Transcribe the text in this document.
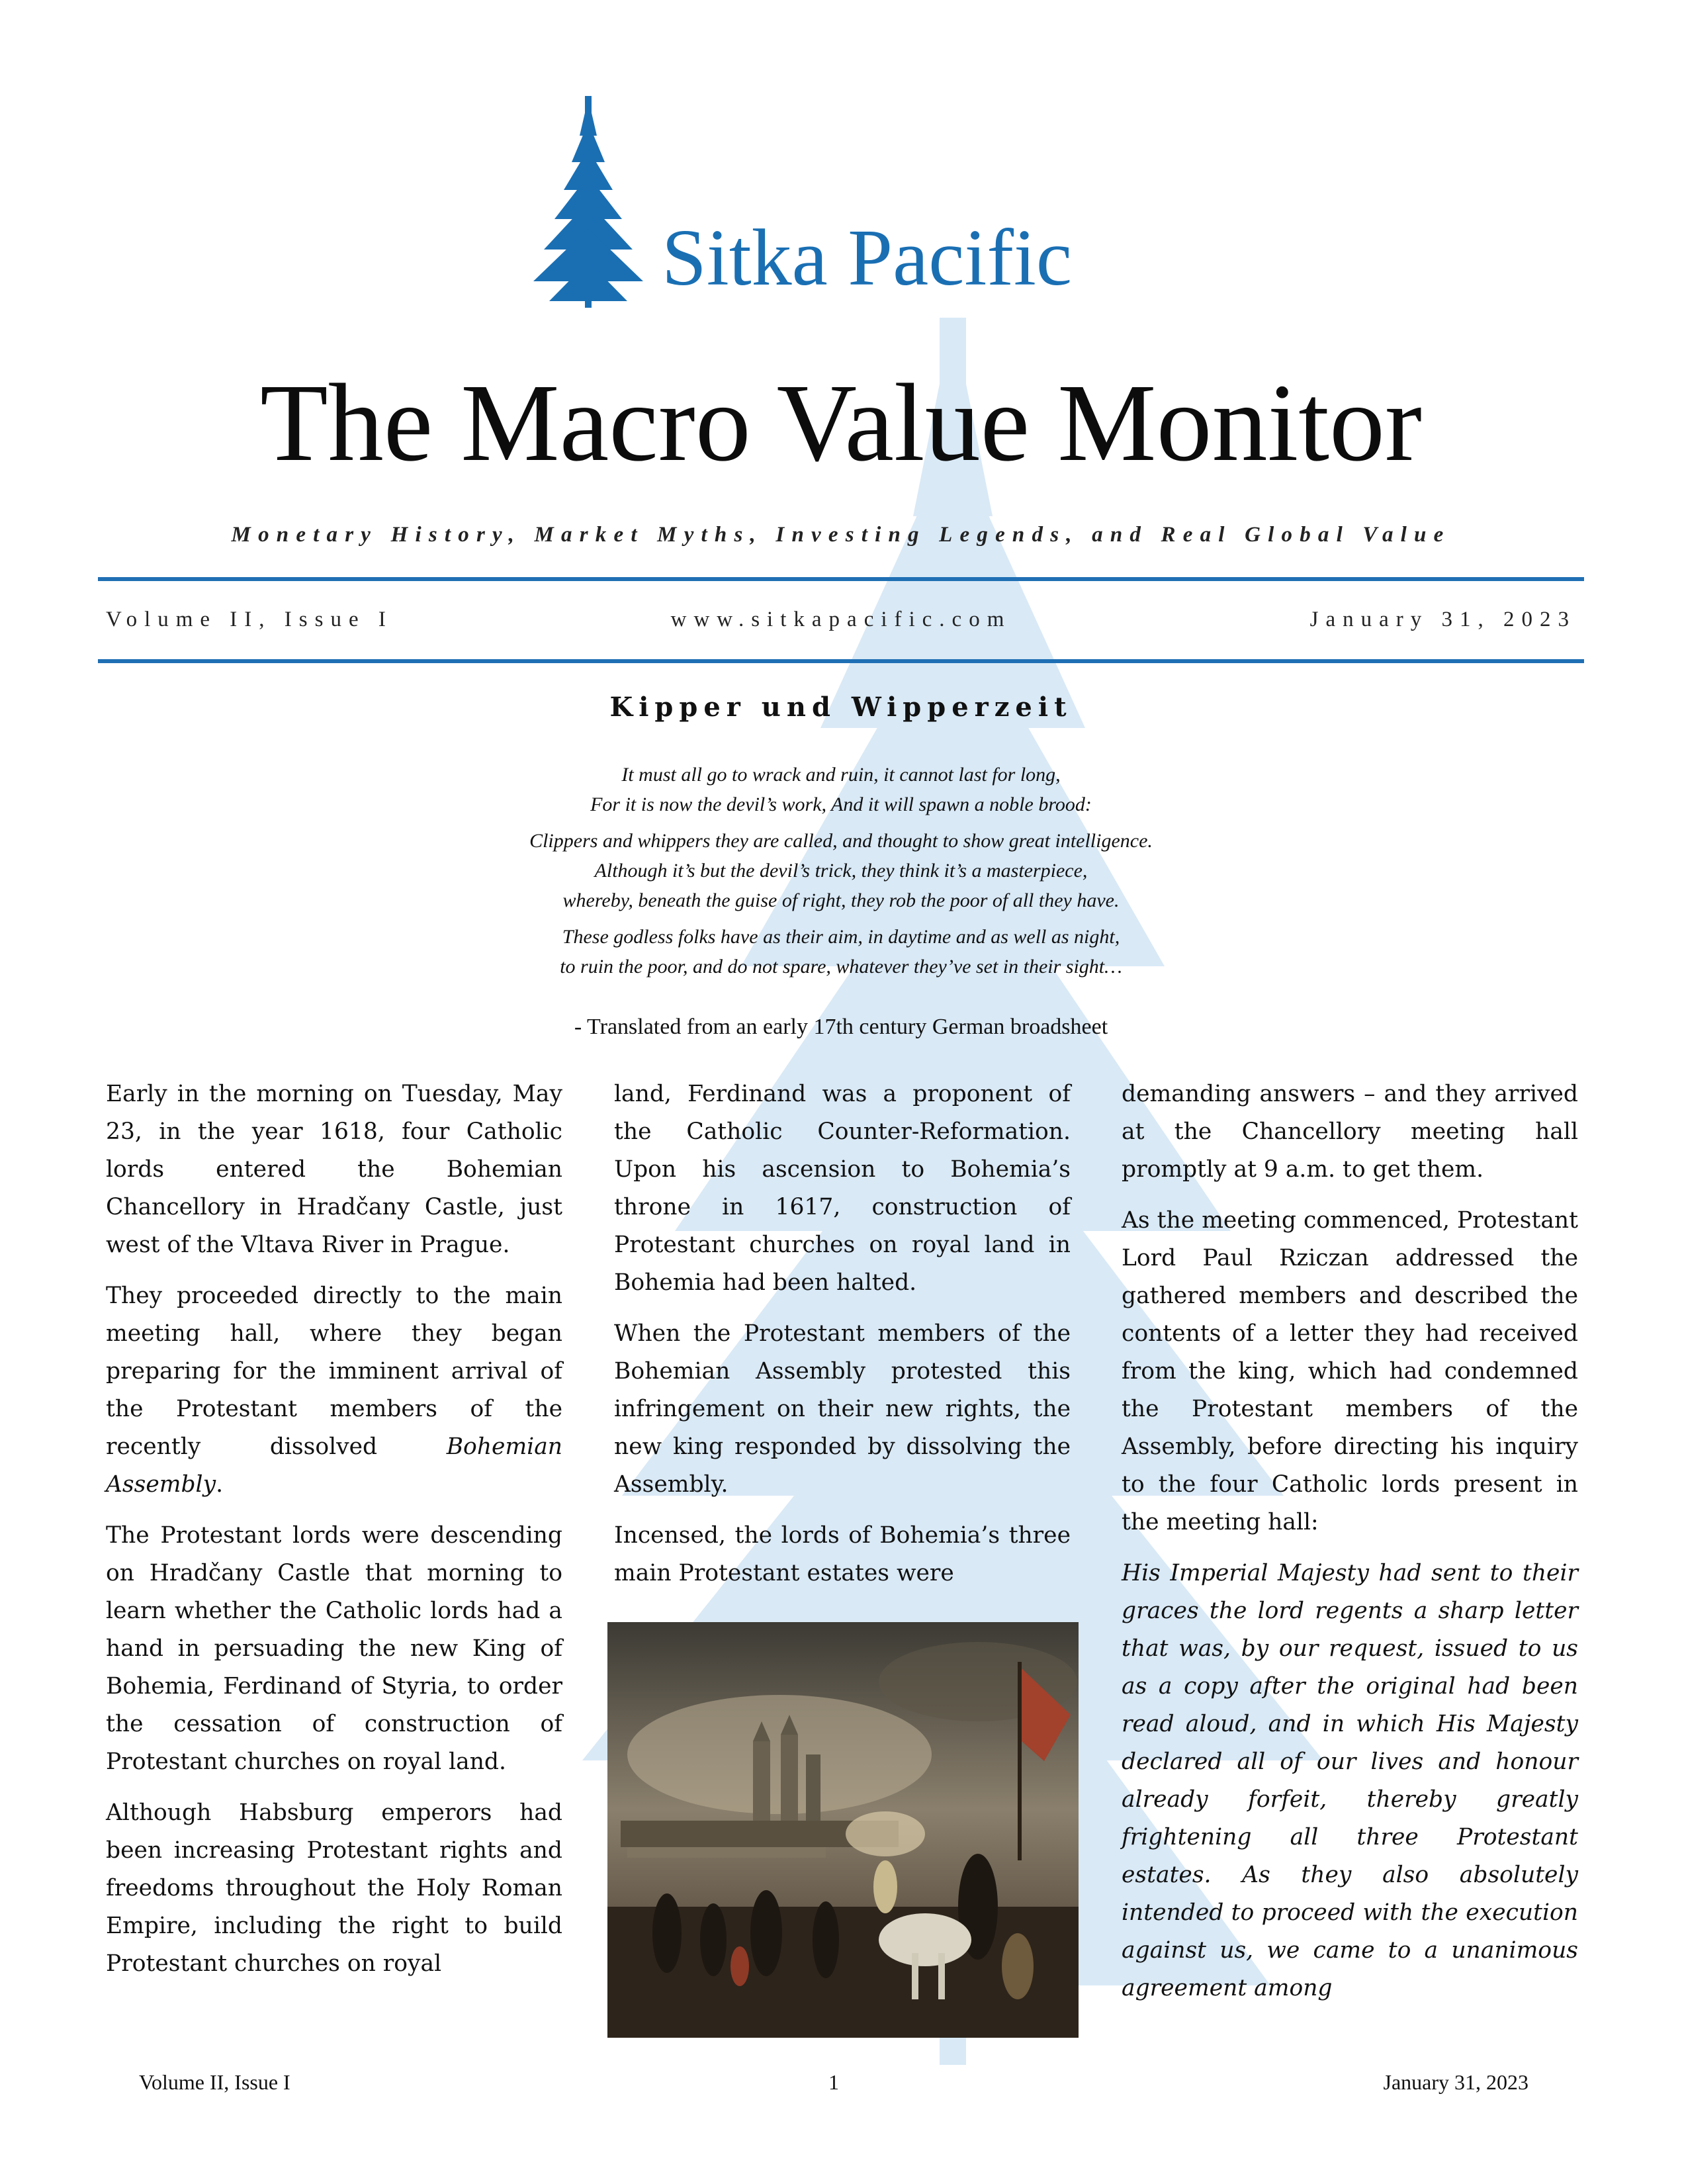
Sitka Pacific
The Macro Value Monitor
Monetary History, Market Myths, Investing Legends, and Real Global Value
Volume II, Issue I	www.sitkapacific.com	January 31, 2023
Kipper und Wipperzeit

It must all go to wrack and ruin, it cannot last for long,
For it is now the devil’s work, And it will spawn a noble brood:

Clippers and whippers they are called, and thought to show great intelligence.
Although it’s but the devil’s trick, they think it’s a masterpiece,
whereby, beneath the guise of right, they rob the poor of all they have.

These godless folks have as their aim, in daytime and as well as night,
to ruin the poor, and do not spare, whatever they’ve set in their sight…

- Translated from an early 17th century German broadsheet

Early in the morning on Tuesday, May 23, in the year 1618, four Catholic lords entered the Bohemian Chancellory in Hradčany Castle, just west of the Vltava River in Prague.

They proceeded directly to the main meeting hall, where they began preparing for the imminent arrival of the Protestant members of the recently dissolved Bohemian Assembly.

The Protestant lords were descending on Hradčany Castle that morning to learn whether the Catholic lords had a hand in persuading the new King of Bohemia, Ferdinand of Styria, to order the cessation of construction of Protestant churches on royal land.

Although Habsburg emperors had been increasing Protestant rights and freedoms throughout the Holy Roman Empire, including the right to build Protestant churches on royal

land, Ferdinand was a proponent of the Catholic Counter-Reformation. Upon his ascension to Bohemia’s throne in 1617, construction of Protestant churches on royal land in Bohemia had been halted.

When the Protestant members of the Bohemian Assembly protested this infringement on their new rights, the new king responded by dissolving the Assembly.

Incensed, the lords of Bohemia’s three main Protestant estates were

demanding answers – and they arrived at the Chancellory meeting hall promptly at 9 a.m. to get them.

As the meeting commenced, Protestant Lord Paul Rziczan addressed the gathered members and described the contents of a letter they had received from the king, which had condemned the Protestant members of the Assembly, before directing his inquiry to the four Catholic lords present in the meeting hall:

His Imperial Majesty had sent to their graces the lord regents a sharp letter that was, by our request, issued to us as a copy after the original had been read aloud, and in which His Majesty declared all of our lives and honour already forfeit, thereby greatly frightening all three Protestant estates. As they also absolutely intended to proceed with the execution against us, we came to a unanimous agreement among

Volume II, Issue I	1	January 31, 2023
